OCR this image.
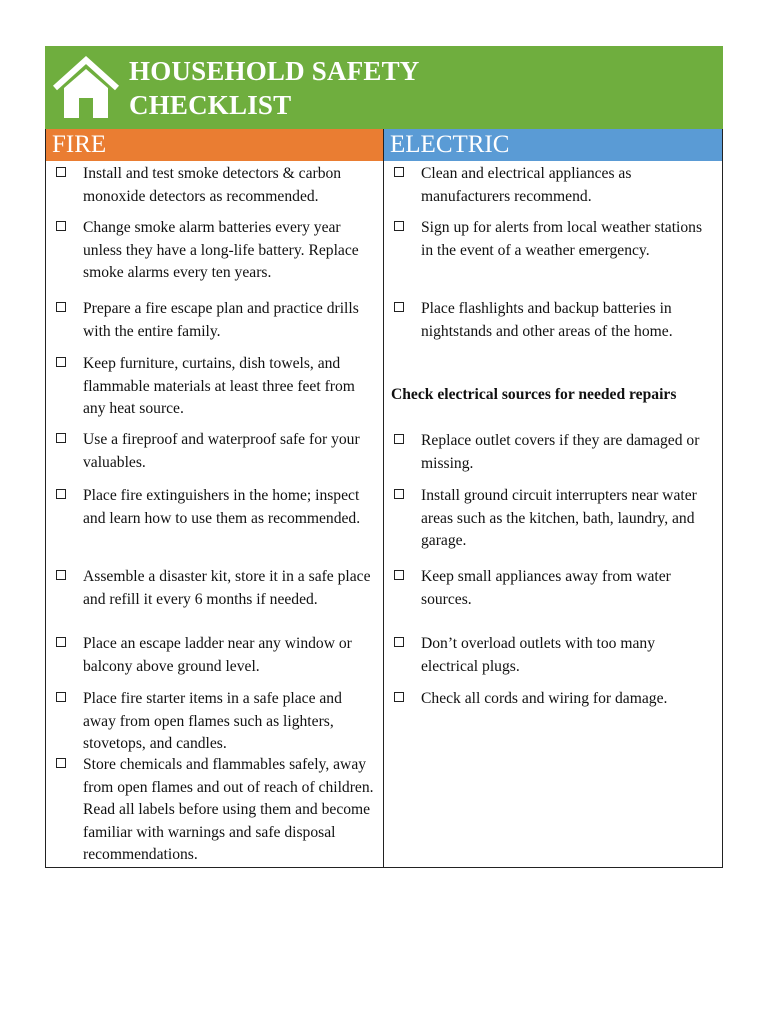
HOUSEHOLD SAFETY
CHECKLIST
FIRE
Install and test smoke detectors & carbon monoxide detectors as recommended.
Change smoke alarm batteries every year unless they have a long-life battery. Replace smoke alarms every ten years.
Prepare a fire escape plan and practice drills with the entire family.
Keep furniture, curtains, dish towels, and flammable materials at least three feet from any heat source.
Use a fireproof and waterproof safe for your valuables.
Place fire extinguishers in the home; inspect and learn how to use them as recommended.
Assemble a disaster kit, store it in a safe place and refill it every 6 months if needed.
Place an escape ladder near any window or balcony above ground level.
Place fire starter items in a safe place and away from open flames such as lighters, stovetops, and candles.
Store chemicals and flammables safely, away from open flames and out of reach of children. Read all labels before using them and become familiar with warnings and safe disposal recommendations.
ELECTRIC
Clean and electrical appliances as manufacturers recommend.
Sign up for alerts from local weather stations in the event of a weather emergency.
Place flashlights and backup batteries in nightstands and other areas of the home.
Check electrical sources for needed repairs
Replace outlet covers if they are damaged or missing.
Install ground circuit interrupters near water areas such as the kitchen, bath, laundry, and garage.
Keep small appliances away from water sources.
Don’t overload outlets with too many electrical plugs.
Check all cords and wiring for damage.
